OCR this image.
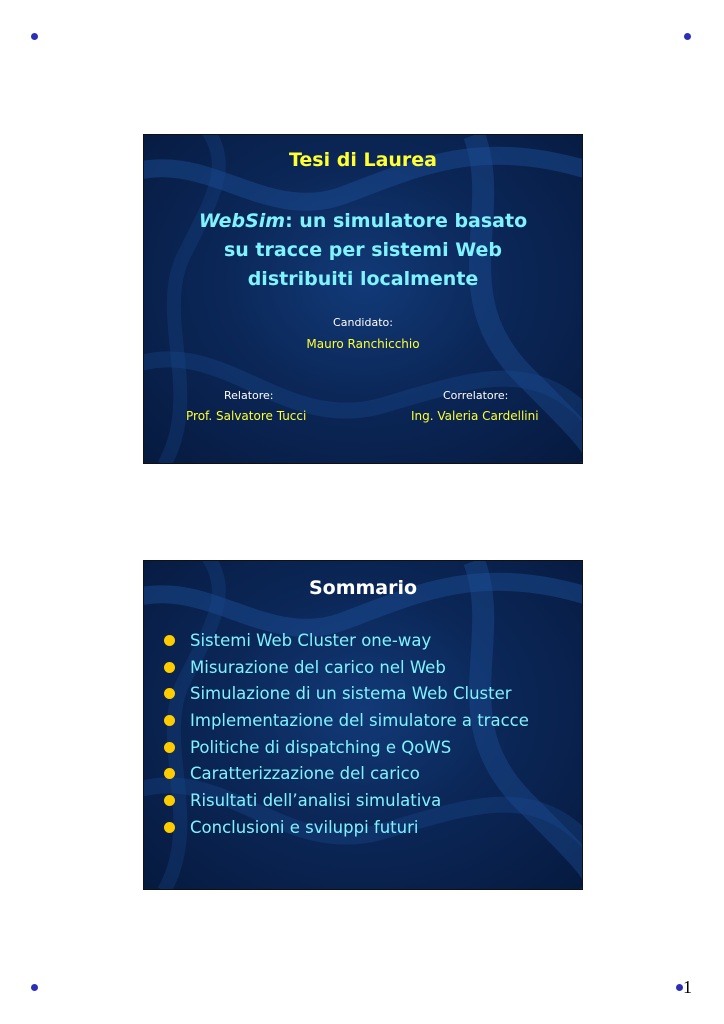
1
Tesi di Laurea
WebSim: un simulatore basato
su tracce per sistemi Web
distribuiti localmente
Candidato:
Mauro Ranchicchio
Relatore:
Prof. Salvatore Tucci
Correlatore:
Ing. Valeria Cardellini
Sommario
Sistemi Web Cluster one-way
Misurazione del carico nel Web
Simulazione di un sistema Web Cluster
Implementazione del simulatore a tracce
Politiche di dispatching e QoWS
Caratterizzazione del carico
Risultati dell’analisi simulativa
Conclusioni e sviluppi futuri
